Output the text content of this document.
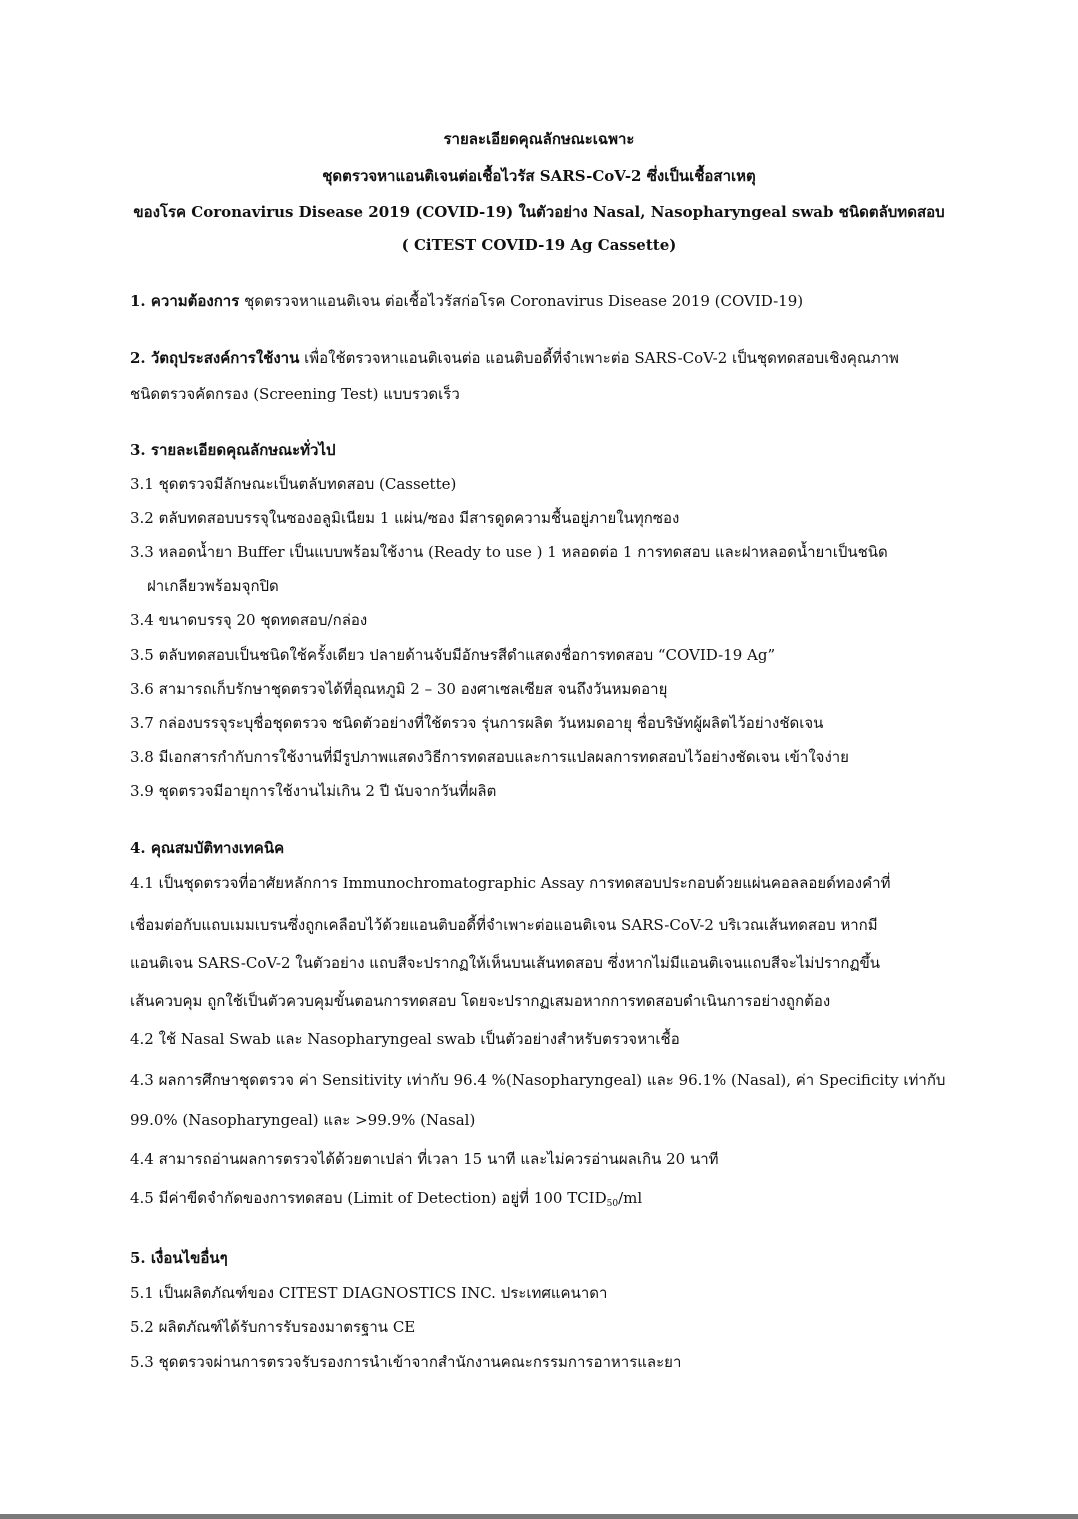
รายละเอียดคุณลักษณะเฉพาะ
ชุดตรวจหาแอนติเจนต่อเชื้อไวรัส SARS-CoV-2 ซึ่งเป็นเชื้อสาเหตุ
ของโรค Coronavirus Disease 2019 (COVID-19) ในตัวอย่าง Nasal, Nasopharyngeal swab ชนิดตลับทดสอบ
( CiTEST COVID-19 Ag Cassette)
1. ความต้องการ ชุดตรวจหาแอนติเจน ต่อเชื้อไวรัสก่อโรค Coronavirus Disease 2019 (COVID-19)
2. วัตถุประสงค์การใช้งาน เพื่อใช้ตรวจหาแอนติเจนต่อ แอนติบอดี้ที่จำเพาะต่อ SARS-CoV-2 เป็นชุดทดสอบเชิงคุณภาพ
ชนิดตรวจคัดกรอง (Screening Test) แบบรวดเร็ว
3. รายละเอียดคุณลักษณะทั่วไป
3.1 ชุดตรวจมีลักษณะเป็นตลับทดสอบ (Cassette)
3.2 ตลับทดสอบบรรจุในซองอลูมิเนียม 1 แผ่น/ซอง มีสารดูดความชื้นอยู่ภายในทุกซอง
3.3 หลอดน้ำยา Buffer เป็นแบบพร้อมใช้งาน (Ready to use ) 1 หลอดต่อ 1 การทดสอบ และฝาหลอดน้ำยาเป็นชนิด
ฝาเกลียวพร้อมจุกปิด
3.4 ขนาดบรรจุ 20 ชุดทดสอบ/กล่อง
3.5 ตลับทดสอบเป็นชนิดใช้ครั้งเดียว ปลายด้านจับมีอักษรสีดำแสดงชื่อการทดสอบ “COVID-19 Ag”
3.6 สามารถเก็บรักษาชุดตรวจได้ที่อุณหภูมิ 2 – 30 องศาเซลเซียส จนถึงวันหมดอายุ
3.7 กล่องบรรจุระบุชื่อชุดตรวจ ชนิดตัวอย่างที่ใช้ตรวจ รุ่นการผลิต วันหมดอายุ ชื่อบริษัทผู้ผลิตไว้อย่างชัดเจน
3.8 มีเอกสารกำกับการใช้งานที่มีรูปภาพแสดงวิธีการทดสอบและการแปลผลการทดสอบไว้อย่างชัดเจน เข้าใจง่าย
3.9 ชุดตรวจมีอายุการใช้งานไม่เกิน 2 ปี นับจากวันที่ผลิต
4. คุณสมบัติทางเทคนิค
4.1 เป็นชุดตรวจที่อาศัยหลักการ Immunochromatographic Assay การทดสอบประกอบด้วยแผ่นคอลลอยด์ทองคำที่
เชื่อมต่อกับแถบเมมเบรนซึ่งถูกเคลือบไว้ด้วยแอนติบอดี้ที่จำเพาะต่อแอนติเจน SARS-CoV-2 บริเวณเส้นทดสอบ หากมี
แอนติเจน SARS-CoV-2 ในตัวอย่าง แถบสีจะปรากฏให้เห็นบนเส้นทดสอบ ซึ่งหากไม่มีแอนติเจนแถบสีจะไม่ปรากฏขึ้น
เส้นควบคุม ถูกใช้เป็นตัวควบคุมขั้นตอนการทดสอบ โดยจะปรากฏเสมอหากการทดสอบดำเนินการอย่างถูกต้อง
4.2 ใช้ Nasal Swab และ Nasopharyngeal swab เป็นตัวอย่างสำหรับตรวจหาเชื้อ
4.3 ผลการศึกษาชุดตรวจ ค่า Sensitivity เท่ากับ 96.4 %(Nasopharyngeal) และ 96.1% (Nasal), ค่า Specificity เท่ากับ
99.0% (Nasopharyngeal) และ >99.9% (Nasal)
4.4 สามารถอ่านผลการตรวจได้ด้วยตาเปล่า ที่เวลา 15 นาที และไม่ควรอ่านผลเกิน 20 นาที
4.5 มีค่าขีดจำกัดของการทดสอบ (Limit of Detection) อยู่ที่ 100 $TCID_{50}/ml$
5. เงื่อนไขอื่นๆ
5.1 เป็นผลิตภัณฑ์ของ CITEST DIAGNOSTICS INC. ประเทศแคนาดา
5.2 ผลิตภัณฑ์ได้รับการรับรองมาตรฐาน CE
5.3 ชุดตรวจผ่านการตรวจรับรองการนำเข้าจากสำนักงานคณะกรรมการอาหารและยา
